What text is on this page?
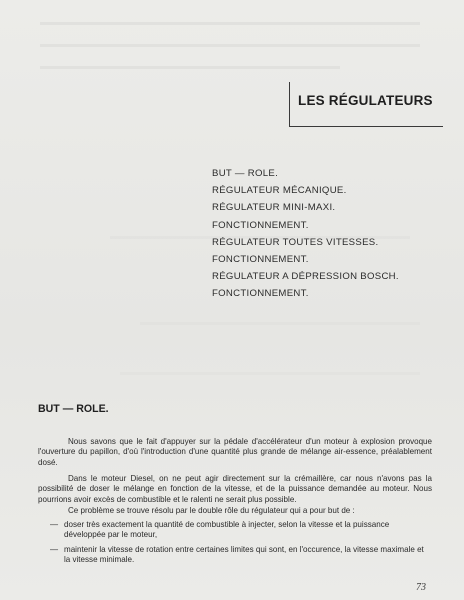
LES RÉGULATEURS
BUT — ROLE.
RÉGULATEUR MÉCANIQUE.
RÉGULATEUR MINI-MAXI.
FONCTIONNEMENT.
RÉGULATEUR TOUTES VITESSES.
FONCTIONNEMENT.
RÉGULATEUR A DÉPRESSION BOSCH.
FONCTIONNEMENT.
BUT — ROLE.
Nous savons que le fait d'appuyer sur la pédale d'accélérateur d'un moteur à explosion provoque l'ouverture du papillon, d'où l'introduction d'une quantité plus grande de mélange air-essence, préalablement dosé.
Dans le moteur Diesel, on ne peut agir directement sur la crémaillère, car nous n'avons pas la possibilité de doser le mélange en fonction de la vitesse, et de la puissance demandée au moteur. Nous pourrions avoir excès de combustible et le ralenti ne serait plus possible.
Ce problème se trouve résolu par le double rôle du régulateur qui a pour but de :
— doser très exactement la quantité de combustible à injecter, selon la vitesse et la puissance développée par le moteur,
— maintenir la vitesse de rotation entre certaines limites qui sont, en l'occurence, la vitesse maximale et la vitesse minimale.
73
